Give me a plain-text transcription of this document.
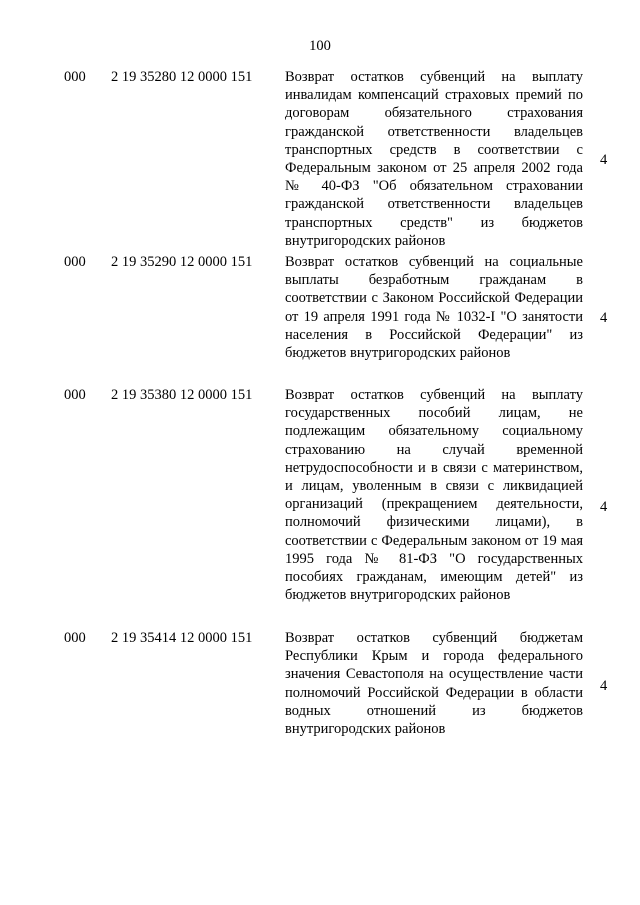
100
000 2 19 35280 12 0000 151 Возврат остатков субвенций на выплату инвалидам компенсаций страховых премий по договорам обязательного страхования гражданской ответственности владельцев транспортных средств в соответствии с Федеральным законом от 25 апреля 2002 года № 40-ФЗ "Об обязательном страховании гражданской ответственности владельцев транспортных средств" из бюджетов внутригородских районов
4
000 2 19 35290 12 0000 151 Возврат остатков субвенций на социальные выплаты безработным гражданам в соответствии с Законом Российской Федерации от 19 апреля 1991 года № 1032-I "О занятости населения в Российской Федерации" из бюджетов внутригородских районов
4
000 2 19 35380 12 0000 151 Возврат остатков субвенций на выплату государственных пособий лицам, не подлежащим обязательному социальному страхованию на случай временной нетрудоспособности и в связи с материнством, и лицам, уволенным в связи с ликвидацией организаций (прекращением деятельности, полномочий физическими лицами), в соответствии с Федеральным законом от 19 мая 1995 года № 81-ФЗ "О государственных пособиях гражданам, имеющим детей" из бюджетов внутригородских районов
4
000 2 19 35414 12 0000 151 Возврат остатков субвенций бюджетам Республики Крым и города федерального значения Севастополя на осуществление части полномочий Российской Федерации в области водных отношений из бюджетов внутригородских районов
4
